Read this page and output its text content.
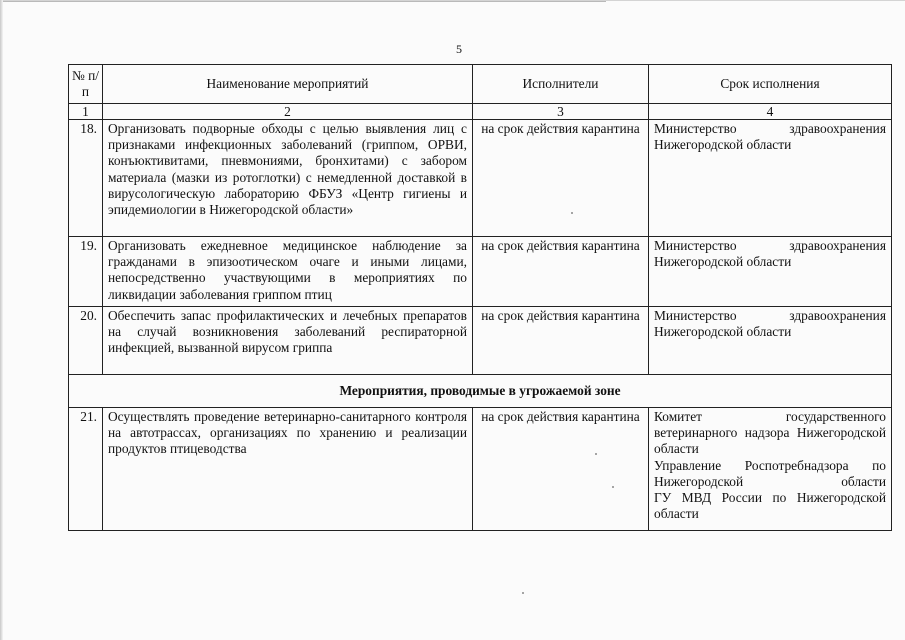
5
№ п/п	Наименование мероприятий	Исполнители	Срок исполнения
1	2	3	4
18.	Организовать подворные обходы с целью выявления лиц с признаками инфекционных заболеваний (гриппом, ОРВИ, конъюктивитами, пневмониями, бронхитами) с забором материала (мазки из ротоглотки) с немедленной доставкой в вирусологическую лабораторию ФБУЗ «Центр гигиены и эпидемиологии в Нижегородской области»	на срок действия карантина	Министерство здравоохранения Нижегородской области
19.	Организовать ежедневное медицинское наблюдение за гражданами в эпизоотическом очаге и иными лицами, непосредственно участвующими в мероприятиях по ликвидации заболевания гриппом птиц	на срок действия карантина	Министерство здравоохранения Нижегородской области
20.	Обеспечить запас профилактических и лечебных препаратов на случай возникновения заболеваний респираторной инфекцией, вызванной вирусом гриппа	на срок действия карантина	Министерство здравоохранения Нижегородской области
Мероприятия, проводимые в угрожаемой зоне			
21.	Осуществлять проведение ветеринарно-санитарного контроля на автотрассах, организациях по хранению и реализации продуктов птицеводства	на срок действия карантина	Комитет государственного ветеринарного надзора Нижегородской области
Управление Роспотребнадзора по Нижегородской области
ГУ МВД России по Нижегородской области
